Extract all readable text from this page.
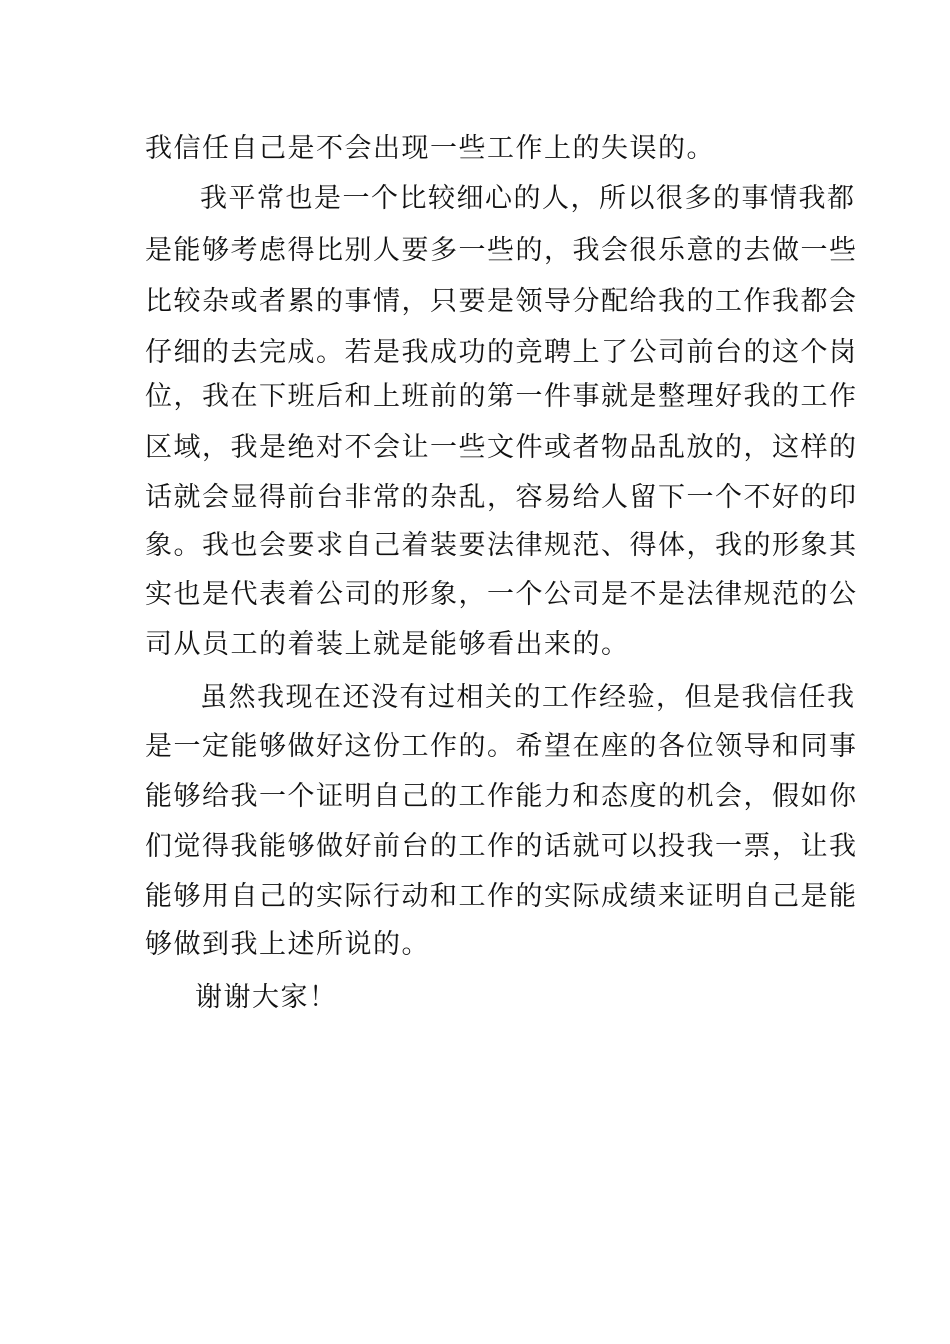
我信任自己是不会出现一些工作上的失误的。
我平常也是一个比较细心的人，所以很多的事情我都
是能够考虑得比别人要多一些的，我会很乐意的去做一些
比较杂或者累的事情，只要是领导分配给我的工作我都会
仔细的去完成。若是我成功的竞聘上了公司前台的这个岗
位，我在下班后和上班前的第一件事就是整理好我的工作
区域，我是绝对不会让一些文件或者物品乱放的，这样的
话就会显得前台非常的杂乱，容易给人留下一个不好的印
象。我也会要求自己着装要法律规范、得体，我的形象其
实也是代表着公司的形象，一个公司是不是法律规范的公
司从员工的着装上就是能够看出来的。
虽然我现在还没有过相关的工作经验，但是我信任我
是一定能够做好这份工作的。希望在座的各位领导和同事
能够给我一个证明自己的工作能力和态度的机会，假如你
们觉得我能够做好前台的工作的话就可以投我一票，让我
能够用自己的实际行动和工作的实际成绩来证明自己是能
够做到我上述所说的。
谢谢大家！
